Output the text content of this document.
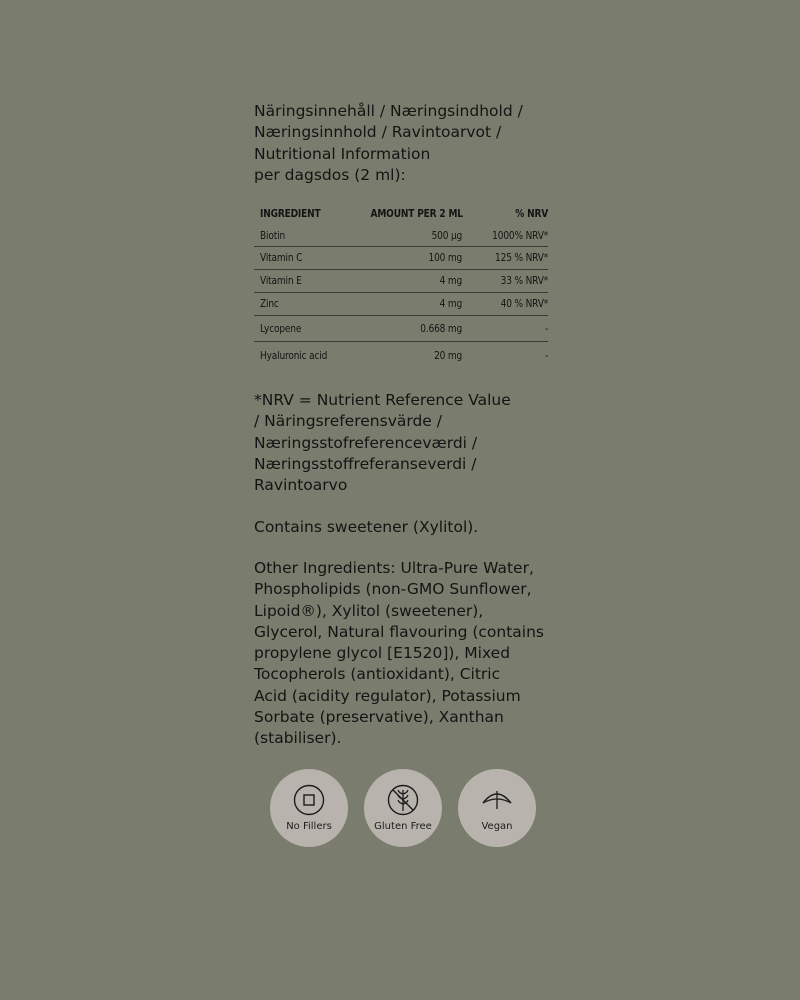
Näringsinnehåll / Næringsindhold /
Næringsinnhold / Ravintoarvot /
Nutritional Information
per dagsdos (2 ml):

INGREDIENT	AMOUNT PER 2 ML	% NRV
Biotin	500 µg	1000% NRV*
Vitamin C	100 mg	125 % NRV*
Vitamin E	4 mg	33 % NRV*
Zinc	4 mg	40 % NRV*
Lycopene	0.668 mg	-
Hyaluronic acid	20 mg	-

*NRV = Nutrient Reference Value
/ Näringsreferensvärde /
Næringsstofreferenceværdi /
Næringsstoffreferanseverdi /
Ravintoarvo

Contains sweetener (Xylitol).

Other Ingredients: Ultra-Pure Water,
Phospholipids (non-GMO Sunflower,
Lipoid®), Xylitol (sweetener),
Glycerol, Natural flavouring (contains
propylene glycol [E1520]), Mixed
Tocopherols (antioxidant), Citric
Acid (acidity regulator), Potassium
Sorbate (preservative), Xanthan
(stabiliser).

No Fillers	Gluten Free	Vegan
